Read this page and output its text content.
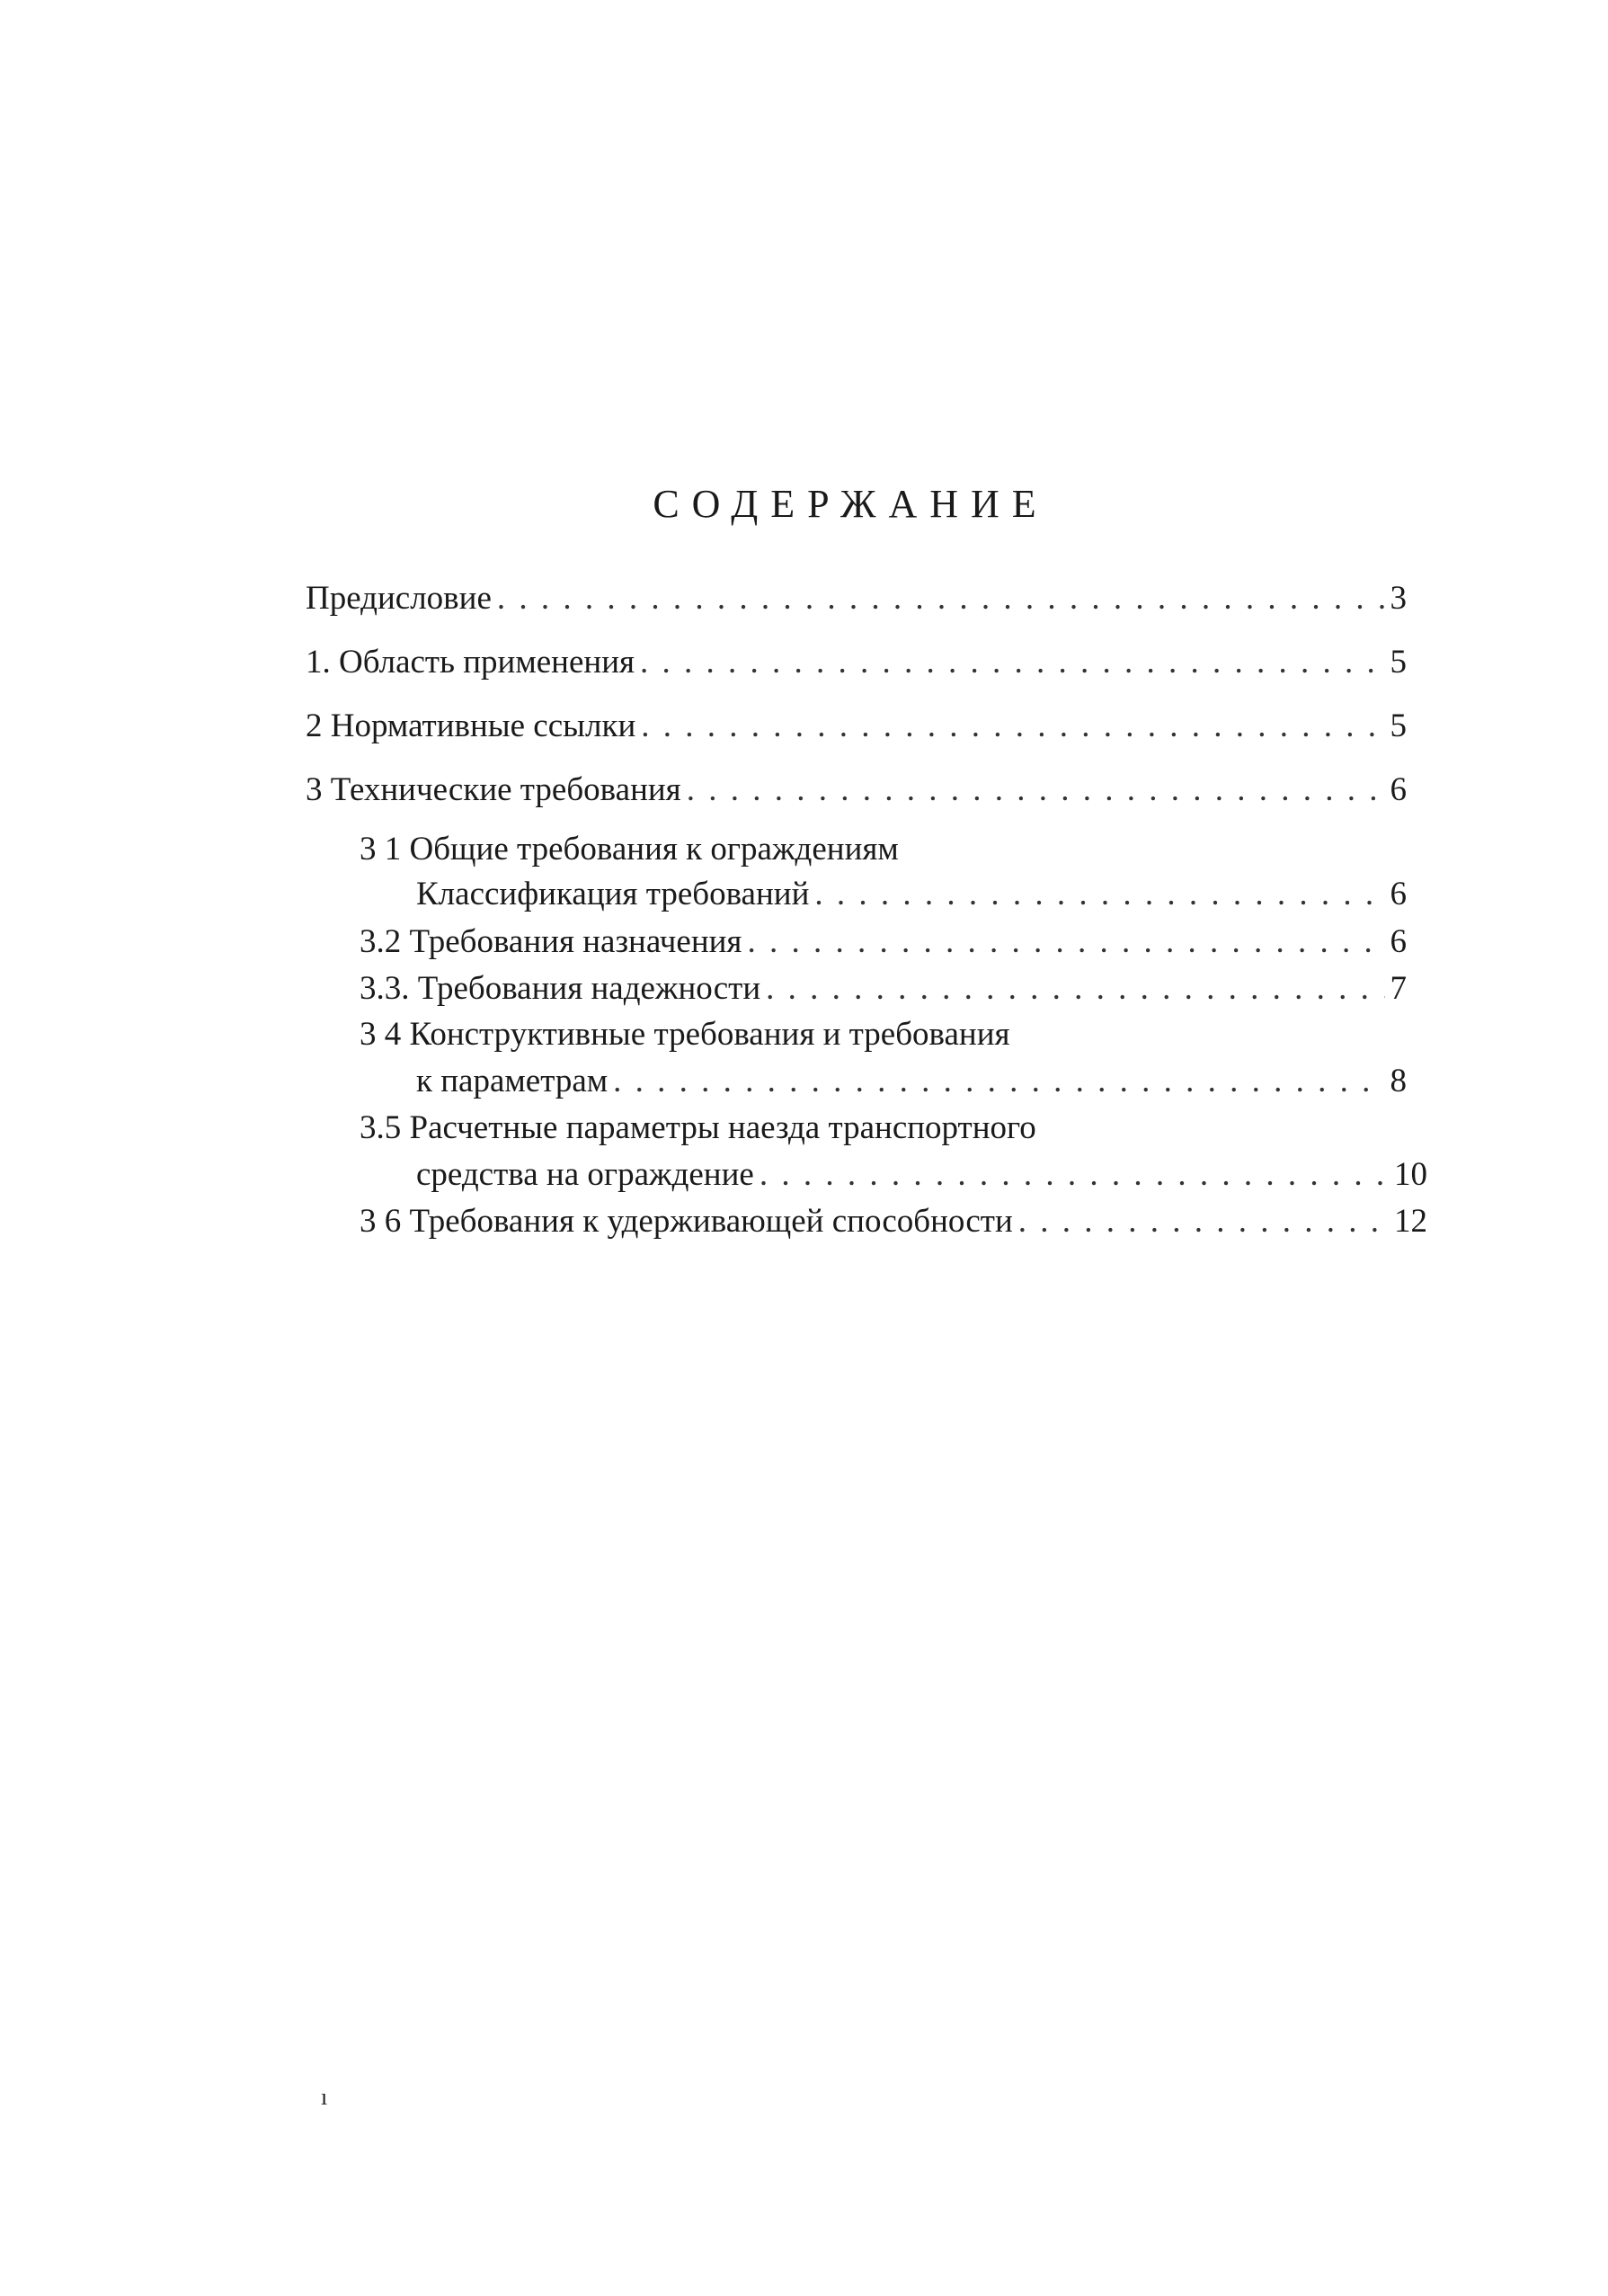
СОДЕРЖАНИЕ
Предисловие . . .	3
1. Область применения . . .	5
2 Нормативные ссылки . . .	5
3 Технические требования . . .	6
3 1 Общие требования к ограждениям
Классификация требований . . .	6
3.2 Требования назначения . . .	6
3.3. Требования надежности . . .	7
3 4 Конструктивные требования и требования
к параметрам . . .	8
3.5 Расчетные параметры наезда транспортного
средства на ограждение . . .	10
3 6 Требования к удерживающей способности . . .	12
ı
